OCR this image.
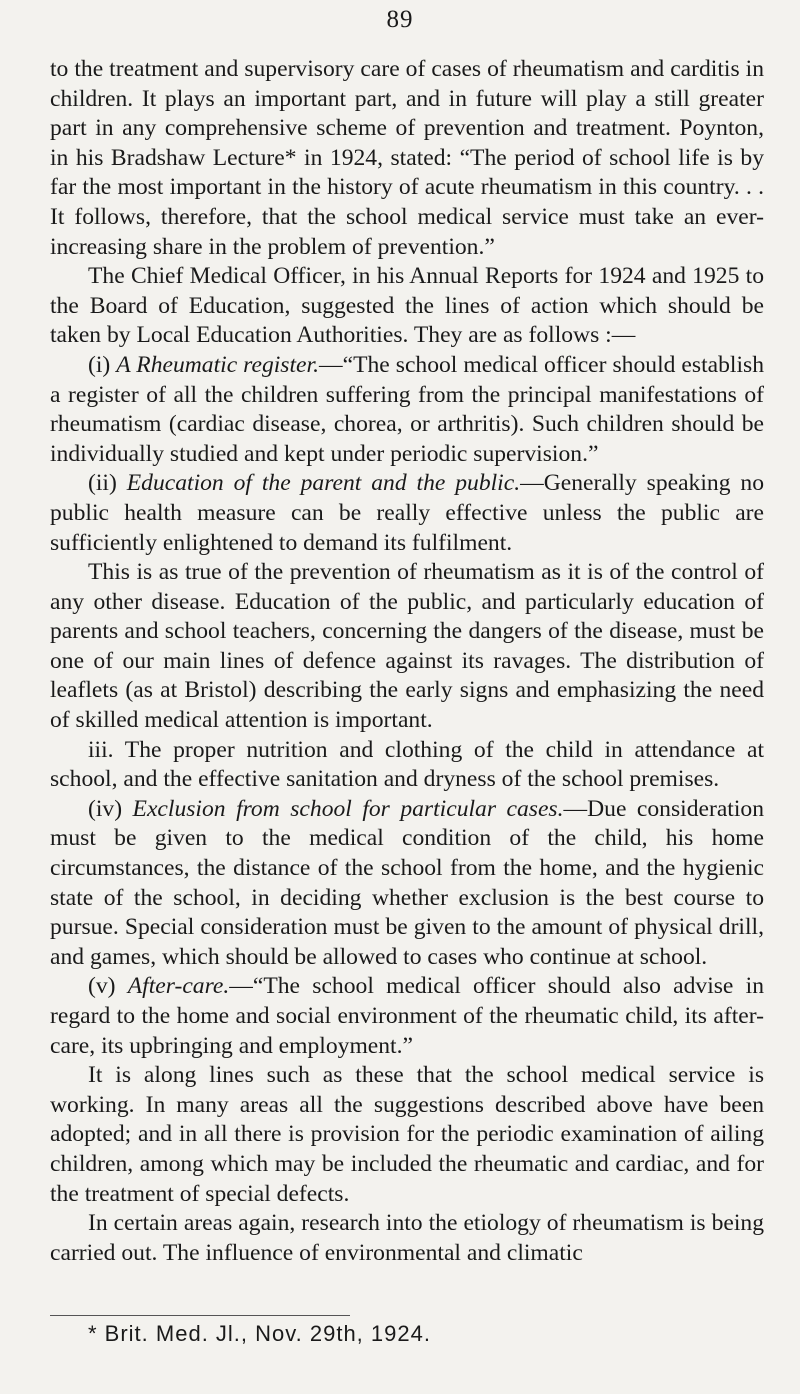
89

to the treatment and supervisory care of cases of rheumatism and carditis in children. It plays an important part, and in future will play a still greater part in any comprehensive scheme of prevention and treatment. Poynton, in his Bradshaw Lecture* in 1924, stated: “The period of school life is by far the most important in the history of acute rheumatism in this country. . . It follows, therefore, that the school medical service must take an ever-increasing share in the problem of prevention.”

The Chief Medical Officer, in his Annual Reports for 1924 and 1925 to the Board of Education, suggested the lines of action which should be taken by Local Education Authorities. They are as follows :—

(i) A Rheumatic register.—“The school medical officer should establish a register of all the children suffering from the principal manifestations of rheumatism (cardiac disease, chorea, or arthritis). Such children should be individually studied and kept under periodic supervision.”

(ii) Education of the parent and the public.—Generally speaking no public health measure can be really effective unless the public are sufficiently enlightened to demand its fulfilment.

This is as true of the prevention of rheumatism as it is of the control of any other disease. Education of the public, and particularly education of parents and school teachers, concerning the dangers of the disease, must be one of our main lines of defence against its ravages. The distribution of leaflets (as at Bristol) describing the early signs and emphasizing the need of skilled medical attention is important.

iii. The proper nutrition and clothing of the child in attendance at school, and the effective sanitation and dryness of the school premises.

(iv) Exclusion from school for particular cases.—Due consideration must be given to the medical condition of the child, his home circumstances, the distance of the school from the home, and the hygienic state of the school, in deciding whether exclusion is the best course to pursue. Special consideration must be given to the amount of physical drill, and games, which should be allowed to cases who continue at school.

(v) After-care.—“The school medical officer should also advise in regard to the home and social environment of the rheumatic child, its after-care, its upbringing and employment.”

It is along lines such as these that the school medical service is working. In many areas all the suggestions described above have been adopted; and in all there is provision for the periodic examination of ailing children, among which may be included the rheumatic and cardiac, and for the treatment of special defects.

In certain areas again, research into the etiology of rheumatism is being carried out. The influence of environmental and climatic

* Brit. Med. Jl., Nov. 29th, 1924.
